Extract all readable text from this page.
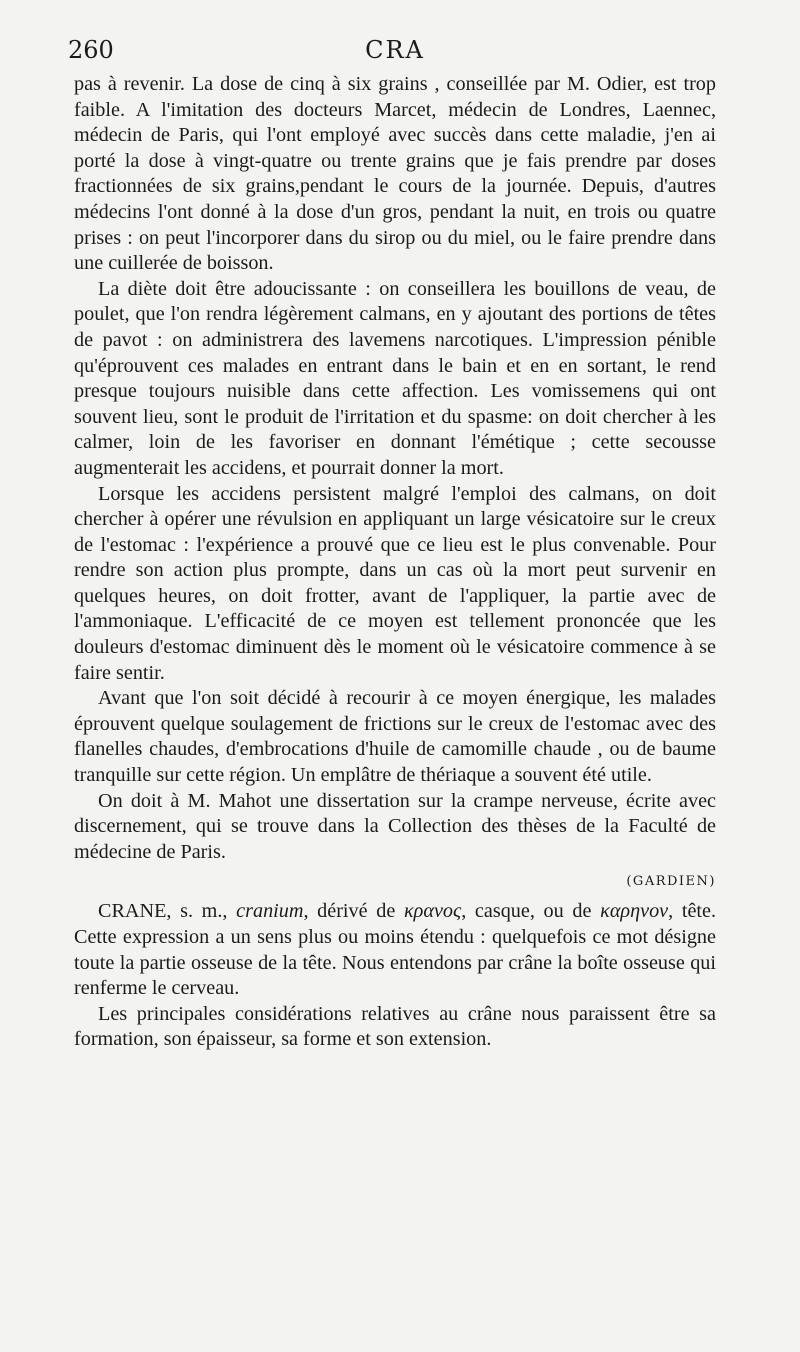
260	CRA

pas à revenir. La dose de cinq à six grains , conseillée par M. Odier, est trop faible. A l'imitation des docteurs Marcet, médecin de Londres, Laennec, médecin de Paris, qui l'ont employé avec succès dans cette maladie, j'en ai porté la dose à vingt-quatre ou trente grains que je fais prendre par doses fractionnées de six grains,pendant le cours de la journée. Depuis, d'autres médecins l'ont donné à la dose d'un gros, pendant la nuit, en trois ou quatre prises : on peut l'incorporer dans du sirop ou du miel, ou le faire prendre dans une cuillerée de boisson.

La diète doit être adoucissante : on conseillera les bouillons de veau, de poulet, que l'on rendra légèrement calmans, en y ajoutant des portions de têtes de pavot : on administrera des lavemens narcotiques. L'impression pénible qu'éprouvent ces malades en entrant dans le bain et en en sortant, le rend presque toujours nuisible dans cette affection. Les vomissemens qui ont souvent lieu, sont le produit de l'irritation et du spasme: on doit chercher à les calmer, loin de les favoriser en donnant l'émétique ; cette secousse augmenterait les accidens, et pourrait donner la mort.

Lorsque les accidens persistent malgré l'emploi des calmans, on doit chercher à opérer une révulsion en appliquant un large vésicatoire sur le creux de l'estomac : l'expérience a prouvé que ce lieu est le plus convenable. Pour rendre son action plus prompte, dans un cas où la mort peut survenir en quelques heures, on doit frotter, avant de l'appliquer, la partie avec de l'ammoniaque. L'efficacité de ce moyen est tellement prononcée que les douleurs d'estomac diminuent dès le moment où le vésicatoire commence à se faire sentir.

Avant que l'on soit décidé à recourir à ce moyen énergique, les malades éprouvent quelque soulagement de frictions sur le creux de l'estomac avec des flanelles chaudes, d'embrocations d'huile de camomille chaude , ou de baume tranquille sur cette région. Un emplâtre de thériaque a souvent été utile.

On doit à M. Mahot une dissertation sur la crampe nerveuse, écrite avec discernement, qui se trouve dans la Collection des thèses de la Faculté de médecine de Paris.

(GARDIEN)

CRANE, s. m., cranium, dérivé de κρανος, casque, ou de καρηνον, tête. Cette expression a un sens plus ou moins étendu : quelquefois ce mot désigne toute la partie osseuse de la tête. Nous entendons par crâne la boîte osseuse qui renferme le cerveau.

Les principales considérations relatives au crâne nous paraissent être sa formation, son épaisseur, sa forme et son extension.
